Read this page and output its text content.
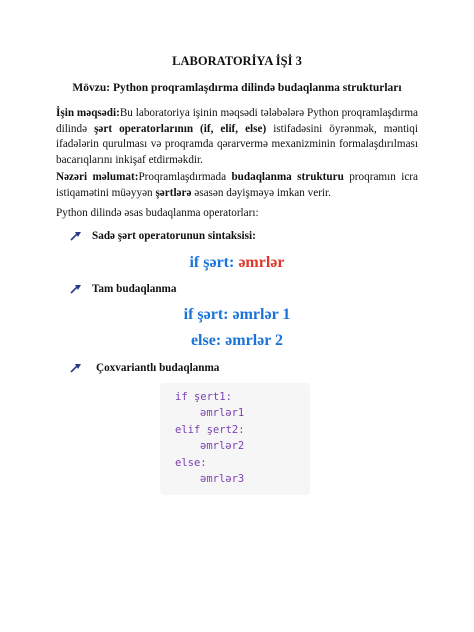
LABORATORİYA İŞİ 3
Mövzu: Python proqramlaşdırma dilində budaqlanma strukturları
İşin məqsədi:Bu laboratoriya işinin məqsədi tələbələrə Python proqramlaşdırma dilində şərt operatorlarının (if, elif, else) istifadəsini öyrənmək, məntiqi ifadələrin qurulması və proqramda qərarvermə mexanizminin formalaşdırılması bacarıqlarını inkişaf etdirməkdir.
Nəzəri məlumat:Proqramlaşdırmada budaqlanma strukturu proqramın icra istiqamətini müəyyən şərtlərə əsasən dəyişməyə imkan verir.
Python dilində əsas budaqlanma operatorları:
Sadə şərt operatorunun sintaksisi:
if şərt: əmrlər
Tam budaqlanma
if şərt: əmrlər 1
else: əmrlər 2
Çoxvariantlı budaqlanma
if şert1:
əmrlər1
elif şert2:
əmrlər2
else:
əmrlər3
